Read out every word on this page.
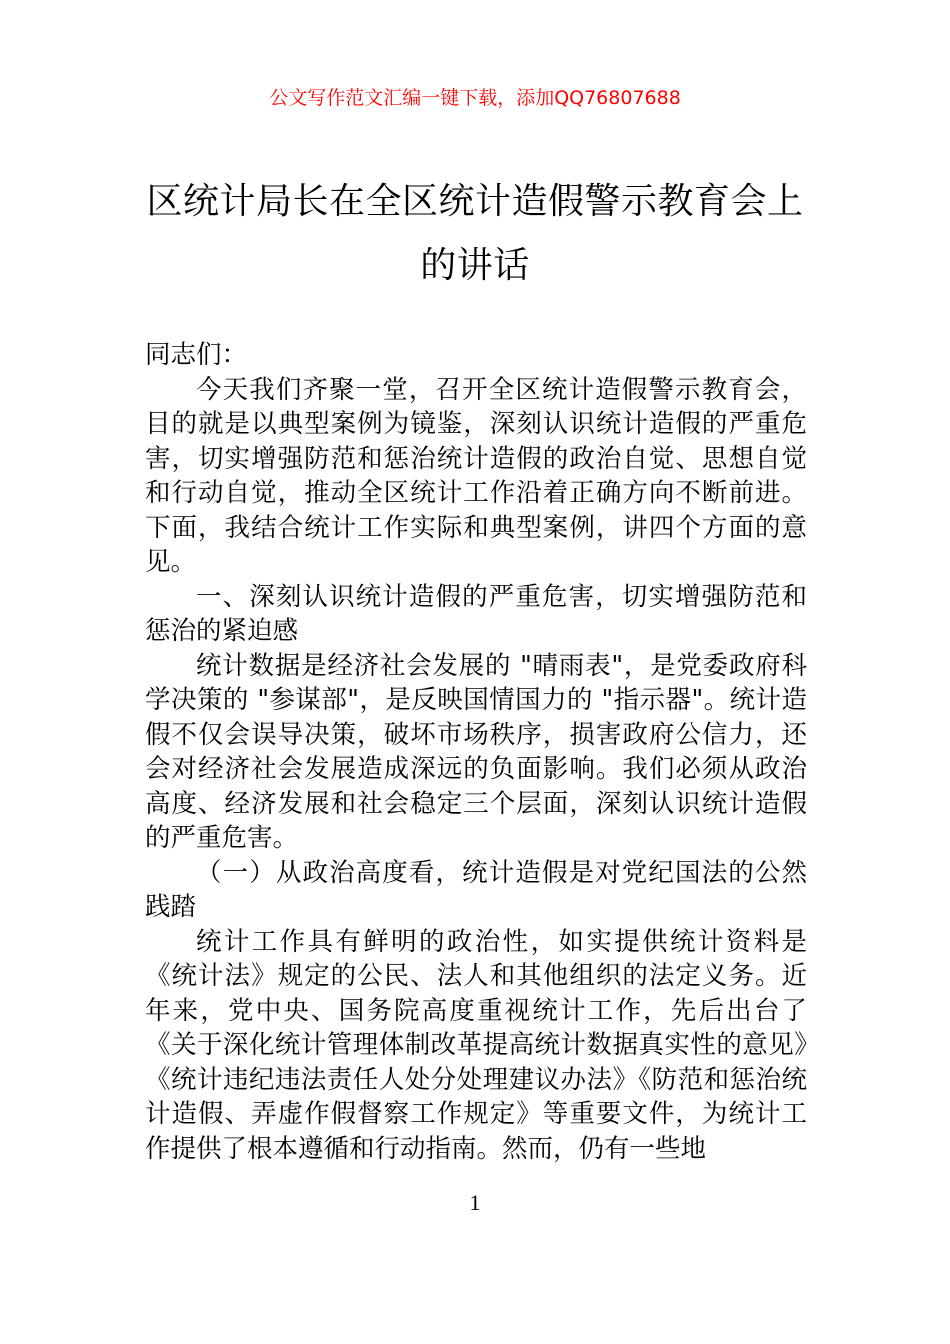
公文写作范文汇编一键下载，添加QQ76807688
区统计局长在全区统计造假警示教育会上
的讲话

同志们：

今天我们齐聚一堂，召开全区统计造假警示教育会，目的就是以典型案例为镜鉴，深刻认识统计造假的严重危害，切实增强防范和惩治统计造假的政治自觉、思想自觉和行动自觉，推动全区统计工作沿着正确方向不断前进。下面，我结合统计工作实际和典型案例，讲四个方面的意见。

一、深刻认识统计造假的严重危害，切实增强防范和惩治的紧迫感

统计数据是经济社会发展的 "晴雨表"，是党委政府科学决策的 "参谋部"，是反映国情国力的 "指示器"。统计造假不仅会误导决策，破坏市场秩序，损害政府公信力，还会对经济社会发展造成深远的负面影响。我们必须从政治高度、经济发展和社会稳定三个层面，深刻认识统计造假的严重危害。

（一）从政治高度看，统计造假是对党纪国法的公然践踏

统计工作具有鲜明的政治性，如实提供统计资料是《统计法》规定的公民、法人和其他组织的法定义务。近年来，党中央、国务院高度重视统计工作，先后出台了《关于深化统计管理体制改革提高统计数据真实性的意见》《统计违纪违法责任人处分处理建议办法》《防范和惩治统计造假、弄虚作假督察工作规定》等重要文件，为统计工作提供了根本遵循和行动指南。然而，仍有一些地

1
